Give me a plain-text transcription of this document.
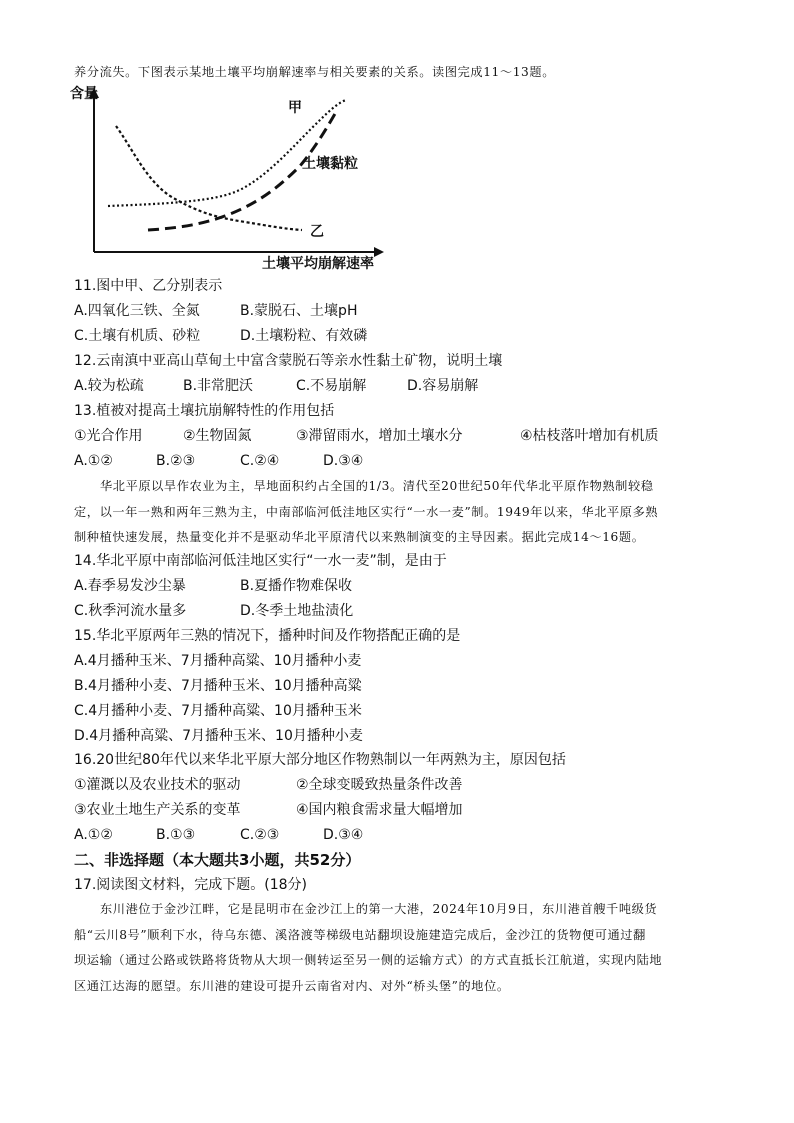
养分流失。下图表示某地土壤平均崩解速率与相关要素的关系。读图完成11～13题。
含量
土壤平均崩解速率
甲
乙
土壤黏粒
11.图中甲、乙分别表示
A.四氧化三铁、全氮	B.蒙脱石、土壤pH
C.土壤有机质、砂粒	D.土壤粉粒、有效磷
12.云南滇中亚高山草甸土中富含蒙脱石等亲水性黏土矿物，说明土壤
A.较为松疏	B.非常肥沃	C.不易崩解	D.容易崩解
13.植被对提高土壤抗崩解特性的作用包括
①光合作用	②生物固氮	③滞留雨水，增加土壤水分	④枯枝落叶增加有机质
A.①②	B.②③	C.②④	D.③④
华北平原以旱作农业为主，旱地面积约占全国的1/3。清代至20世纪50年代华北平原作物熟制较稳
定，以一年一熟和两年三熟为主，中南部临河低洼地区实行“一水一麦”制。1949年以来，华北平原多熟
制种植快速发展，热量变化并不是驱动华北平原清代以来熟制演变的主导因素。据此完成14～16题。
14.华北平原中南部临河低洼地区实行“一水一麦”制，是由于
A.春季易发沙尘暴	B.夏播作物难保收
C.秋季河流水量多	D.冬季土地盐渍化
15.华北平原两年三熟的情况下，播种时间及作物搭配正确的是
A.4月播种玉米、7月播种高粱、10月播种小麦
B.4月播种小麦、7月播种玉米、10月播种高粱
C.4月播种小麦、7月播种高粱、10月播种玉米
D.4月播种高粱、7月播种玉米、10月播种小麦
16.20世纪80年代以来华北平原大部分地区作物熟制以一年两熟为主，原因包括
①灌溉以及农业技术的驱动	②全球变暖致热量条件改善
③农业土地生产关系的变革	④国内粮食需求量大幅增加
A.①②	B.①③	C.②③	D.③④
二、非选择题（本大题共3小题，共52分）
17.阅读图文材料，完成下题。(18分)
东川港位于金沙江畔，它是昆明市在金沙江上的第一大港，2024年10月9日，东川港首艘千吨级货
船“云川8号”顺利下水，待乌东德、溪洛渡等梯级电站翻坝设施建造完成后，金沙江的货物便可通过翻
坝运输（通过公路或铁路将货物从大坝一侧转运至另一侧的运输方式）的方式直抵长江航道，实现内陆地
区通江达海的愿望。东川港的建设可提升云南省对内、对外“桥头堡”的地位。
